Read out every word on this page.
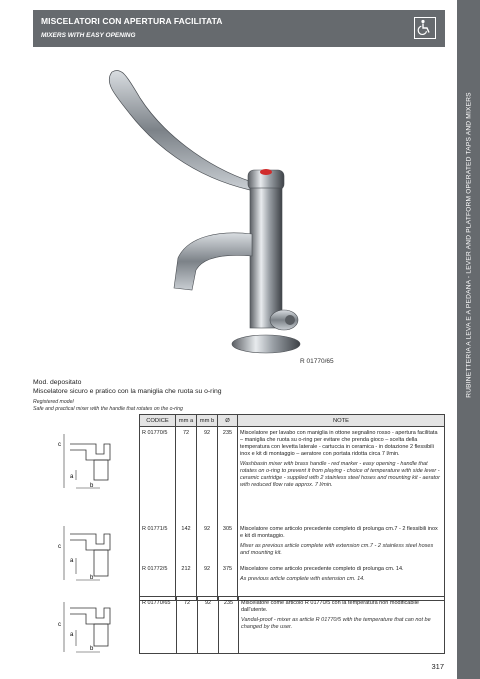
MISCELATORI CON APERTURA FACILITATA
MIXERS WITH EASY OPENING
RUBINETTERIA A LEVA E A PEDANA - LEVER AND PLATFORM OPERATED TAPS AND MIXERS
R 01770/65
Mod. depositato
Miscelatore sicuro e pratico con la maniglia che ruota su o-ring
Registered model
Safe and practical mixer with the handle that rotates on the o-ring
CODICE	mm a	mm b	Ø	NOTE
R 01770/5	72	92	235	Miscelatore per lavabo con maniglia in ottone segnalino rosso - apertura facilitata – maniglia che ruota su o-ring per evitare che prenda gioco – scelta della temperatura con levetta laterale - cartuccia in ceramica - in dotazione 2 flessibili inox e kit di montaggio – aeratore con portata ridotta circa 7 l/min.

Washbasin mixer with brass handle - red marker - easy opening - handle that rotates on o-ring to prevent it from playing - choice of temperature with side lever - ceramic cartridge - supplied with 2 stainless steel hoses and mounting kit - aerator with reduced flow rate approx. 7 l/min.

R 01771/5	142	92	305	Miscelatore come articolo precedente completo di prolunga cm.7 - 2 flessibili inox e kit di montaggio.

Mixer as previous article complete with extension cm.7 - 2 stainless steel hoses and mounting kit.

R 01772/5	212	92	375	Miscelatore come articolo precedente completo di prolunga cm. 14.

As previous article complete with extension cm. 14.

R 01770/65	72	92	235	Miscelatore come articolo R 01770/5 con la temperatura non modificabile dall'utente.

Vandal-proof - mixer as article R 01770/5 with the temperature that can not be changed by the user.

c
a
b
c
a
b
c
a
b
317
